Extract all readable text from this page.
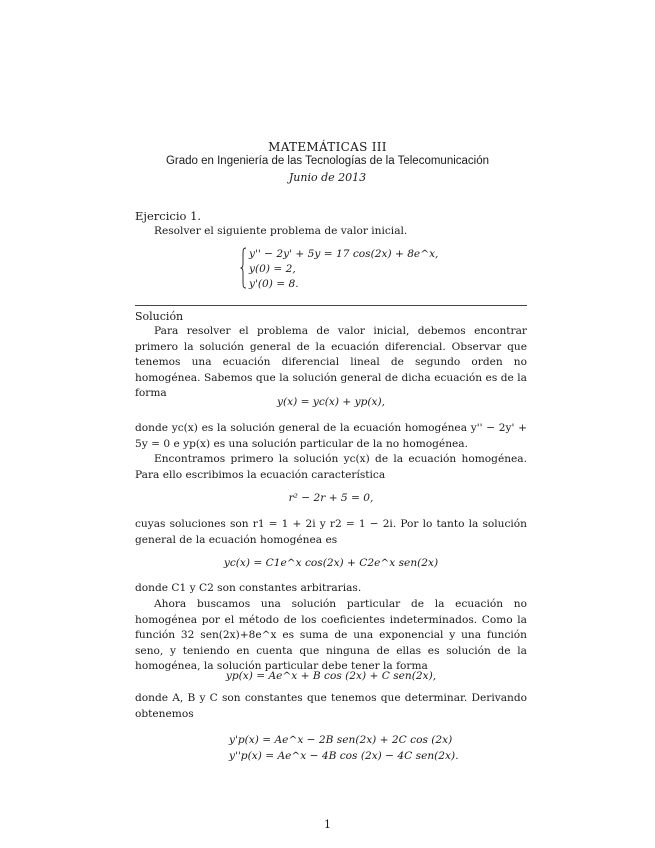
MATEMÁTICAS III
Grado en Ingeniería de las Tecnologías de la Telecomunicación
Junio de 2013
Ejercicio 1.
Resolver el siguiente problema de valor inicial.
y'' − 2y' + 5y = 17 cos(2x) + 8e^x,
y(0) = 2,
y'(0) = 8.
Solución
Para resolver el problema de valor inicial, debemos encontrar primero la solución general de la ecuación diferencial. Observar que tenemos una ecuación diferencial lineal de segundo orden no homogénea. Sabemos que la solución general de dicha ecuación es de la forma
y(x) = yc(x) + yp(x),
donde yc(x) es la solución general de la ecuación homogénea y'' − 2y' + 5y = 0 e yp(x) es una solución particular de la no homogénea.
Encontramos primero la solución yc(x) de la ecuación homogénea. Para ello escribimos la ecuación característica
r² − 2r + 5 = 0,
cuyas soluciones son r1 = 1 + 2i y r2 = 1 − 2i. Por lo tanto la solución general de la ecuación homogénea es
yc(x) = C1e^x cos(2x) + C2e^x sen(2x)
donde C1 y C2 son constantes arbitrarias.
Ahora buscamos una solución particular de la ecuación no homogénea por el método de los coeficientes indeterminados. Como la función 32 sen(2x)+8e^x es suma de una exponencial y una función seno, y teniendo en cuenta que ninguna de ellas es solución de la homogénea, la solución particular debe tener la forma
yp(x) = Ae^x + B cos (2x) + C sen(2x),
donde A, B y C son constantes que tenemos que determinar. Derivando obtenemos
y'p(x) = Ae^x − 2B sen(2x) + 2C cos (2x)
y''p(x) = Ae^x − 4B cos (2x) − 4C sen(2x).
1
